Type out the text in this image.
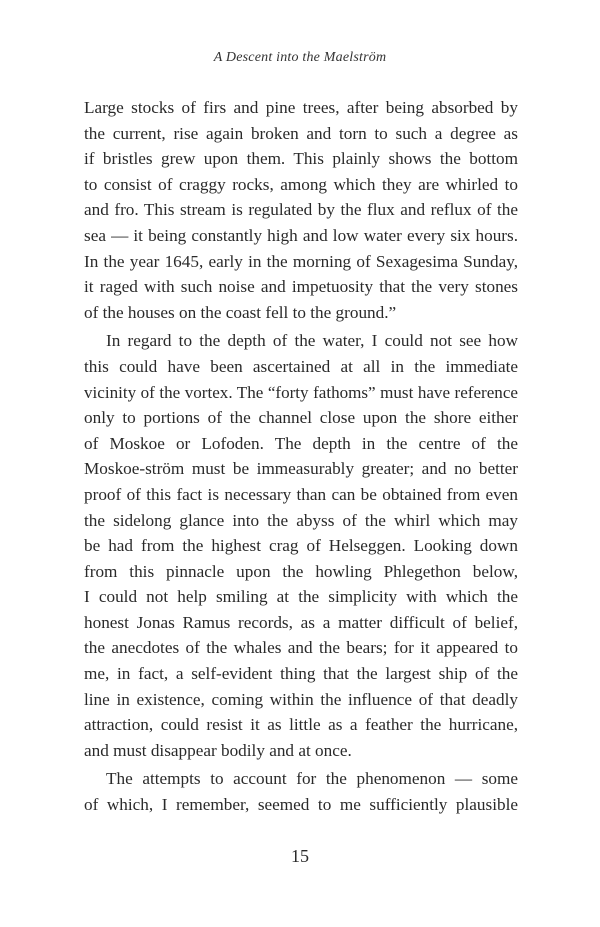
A Descent into the Maelström
Large stocks of firs and pine trees, after being absorbed by
the current, rise again broken and torn to such a degree as
if bristles grew upon them. This plainly shows the bottom
to consist of craggy rocks, among which they are whirled to
and fro. This stream is regulated by the flux and reflux of the
sea — it being constantly high and low water every six hours.
In the year 1645, early in the morning of Sexagesima Sunday,
it raged with such noise and impetuosity that the very stones
of the houses on the coast fell to the ground.”
In regard to the depth of the water, I could not see how
this could have been ascertained at all in the immediate
vicinity of the vortex. The “forty fathoms” must have reference
only to portions of the channel close upon the shore either
of Moskoe or Lofoden. The depth in the centre of the
Moskoe-ström must be immeasurably greater; and no better
proof of this fact is necessary than can be obtained from even
the sidelong glance into the abyss of the whirl which may
be had from the highest crag of Helseggen. Looking down
from this pinnacle upon the howling Phlegethon below,
I could not help smiling at the simplicity with which the
honest Jonas Ramus records, as a matter difficult of belief,
the anecdotes of the whales and the bears; for it appeared to
me, in fact, a self-evident thing that the largest ship of the
line in existence, coming within the influence of that deadly
attraction, could resist it as little as a feather the hurricane,
and must disappear bodily and at once.
The attempts to account for the phenomenon — some
of which, I remember, seemed to me sufficiently plausible
15
